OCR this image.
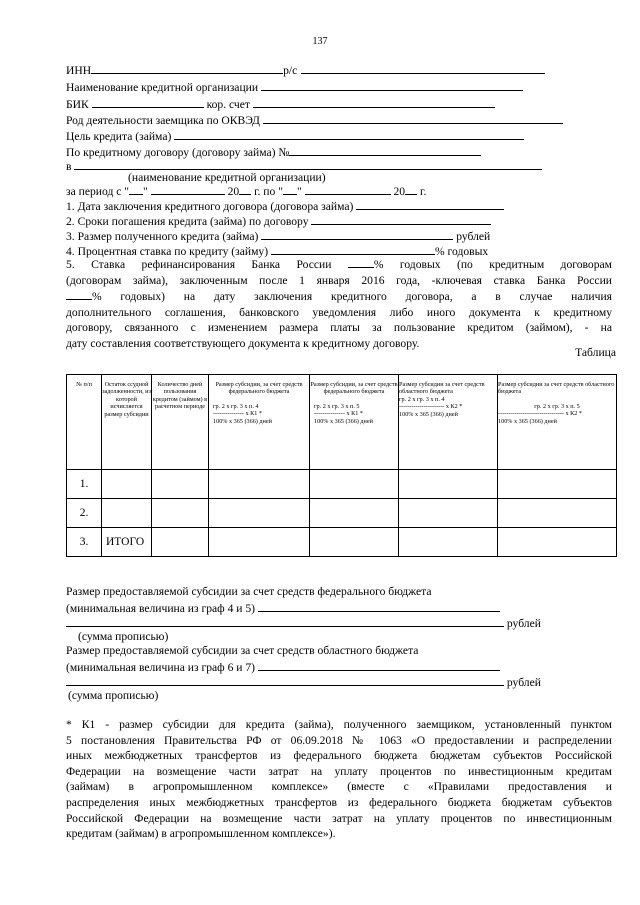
137
ИНН	р/с
Наименование кредитной организации
БИК	кор. счет
Род деятельности заемщика по ОКВЭД
Цель кредита (займа)
По кредитному договору (договору займа) №
в
(наименование кредитной организации)
за период с " "	20 г. по " "	20 г.
1. Дата заключения кредитного договора (договора займа)
2. Сроки погашения кредита (займа) по договору
3. Размер полученного кредита (займа)	рублей
4. Процентная ставка по кредиту (займу)	% годовых
5. Ставка рефинансирования Банка России	% годовых (по кредитным договорам
(договорам займа), заключенным после 1 января 2016 года, -ключевая ставка Банка России
% годовых) на дату заключения кредитного договора, а в случае наличия
дополнительного соглашения, банковского уведомления либо иного документа к кредитному
договору, связанного с изменением размера платы за пользование кредитом (займом), - на
дату составления соответствующего документа к кредитному договору.
Таблица
№ п/п	Остаток ссудной задолженности, из которой исчисляется размер субсидии	Количество дней пользования кредитом (займом) в расчетном периоде	Размер субсидии, за счет средств федерального бюджета
гр. 2 х гр. 3 х п. 4
--------------- х К1 *
100% х 365 (366) дней	Размер субсидии, за счет средств федерального бюджета
гр. 2 х гр. 3 х п. 5
--------------- х К1 *
100% х 365 (366) дней	Размер субсидии за счет средств областного бюджета
гр. 2 х гр. 3 х п. 4
---------------------- х К2 *
100% х 365 (366) дней	Размер субсидии за счет средств областного бюджета
гр. 2 х гр. 3 х п. 5
-------------------------------- х К2 *
100% х 365 (366) дней

1.						
2.						
3.	ИТОГО					
Размер предоставляемой субсидии за счет средств федерального бюджета
(минимальная величина из граф 4 и 5)
рублей
(сумма прописью)
Размер предоставляемой субсидии за счет средств областного бюджета
(минимальная величина из граф 6 и 7)
рублей
(сумма прописью)
* К1 - размер субсидии для кредита (займа), полученного заемщиком, установленный пунктом
5 постановления Правительства РФ от 06.09.2018 № 1063 «О предоставлении и распределении
иных межбюджетных трансфертов из федерального бюджета бюджетам субъектов Российской
Федерации на возмещение части затрат на уплату процентов по инвестиционным кредитам
(займам) в агропромышленном комплексе» (вместе с «Правилами предоставления и
распределения иных межбюджетных трансфертов из федерального бюджета бюджетам субъектов
Российской Федерации на возмещение части затрат на уплату процентов по инвестиционным
кредитам (займам) в агропромышленном комплексе»).
